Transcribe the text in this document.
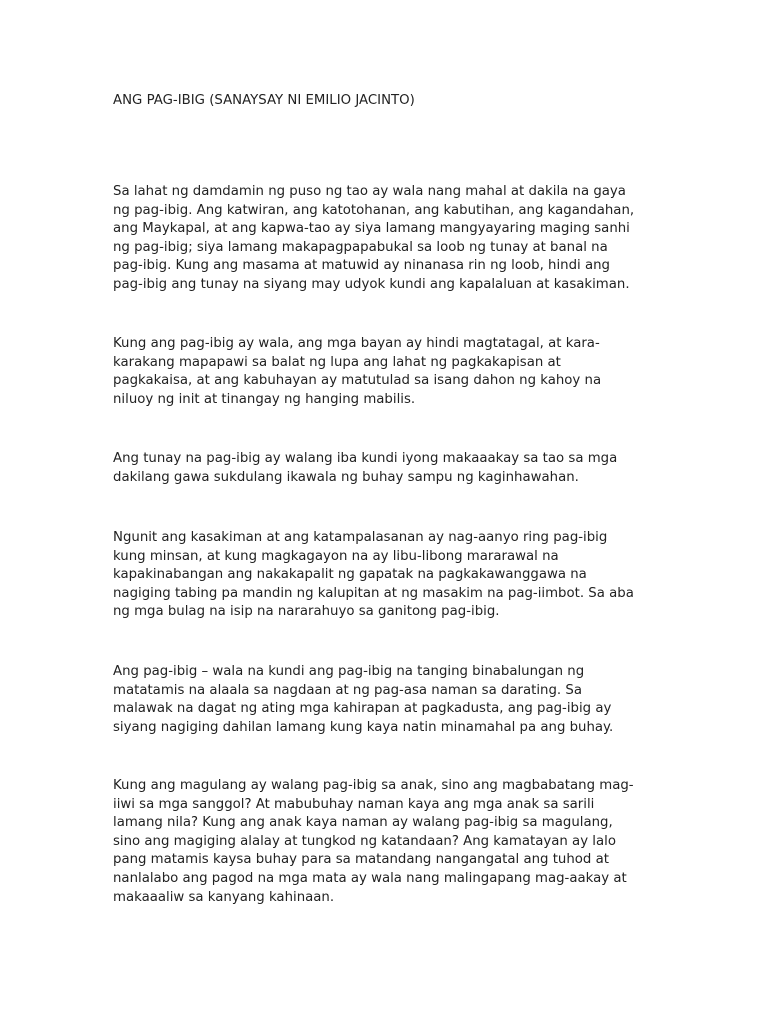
ANG PAG-IBIG (SANAYSAY NI EMILIO JACINTO)

Sa lahat ng damdamin ng puso ng tao ay wala nang mahal at dakila na gaya
ng pag-ibig. Ang katwiran, ang katotohanan, ang kabutihan, ang kagandahan,
ang Maykapal, at ang kapwa-tao ay siya lamang mangyayaring maging sanhi
ng pag-ibig; siya lamang makapagpapabukal sa loob ng tunay at banal na
pag-ibig. Kung ang masama at matuwid ay ninanasa rin ng loob, hindi ang
pag-ibig ang tunay na siyang may udyok kundi ang kapalaluan at kasakiman.

Kung ang pag-ibig ay wala, ang mga bayan ay hindi magtatagal, at kara-
karakang mapapawi sa balat ng lupa ang lahat ng pagkakapisan at
pagkakaisa, at ang kabuhayan ay matutulad sa isang dahon ng kahoy na
niluoy ng init at tinangay ng hanging mabilis.

Ang tunay na pag-ibig ay walang iba kundi iyong makaaakay sa tao sa mga
dakilang gawa sukdulang ikawala ng buhay sampu ng kaginhawahan.

Ngunit ang kasakiman at ang katampalasanan ay nag-aanyo ring pag-ibig
kung minsan, at kung magkagayon na ay libu-libong mararawal na
kapakinabangan ang nakakapalit ng gapatak na pagkakawanggawa na
nagiging tabing pa mandin ng kalupitan at ng masakim na pag-iimbot. Sa aba
ng mga bulag na isip na nararahuyo sa ganitong pag-ibig.

Ang pag-ibig – wala na kundi ang pag-ibig na tanging binabalungan ng
matatamis na alaala sa nagdaan at ng pag-asa naman sa darating. Sa
malawak na dagat ng ating mga kahirapan at pagkadusta, ang pag-ibig ay
siyang nagiging dahilan lamang kung kaya natin minamahal pa ang buhay.

Kung ang magulang ay walang pag-ibig sa anak, sino ang magbabatang mag-
iiwi sa mga sanggol? At mabubuhay naman kaya ang mga anak sa sarili
lamang nila? Kung ang anak kaya naman ay walang pag-ibig sa magulang,
sino ang magiging alalay at tungkod ng katandaan? Ang kamatayan ay lalo
pang matamis kaysa buhay para sa matandang nangangatal ang tuhod at
nanlalabo ang pagod na mga mata ay wala nang malingapang mag-aakay at
makaaaliw sa kanyang kahinaan.
